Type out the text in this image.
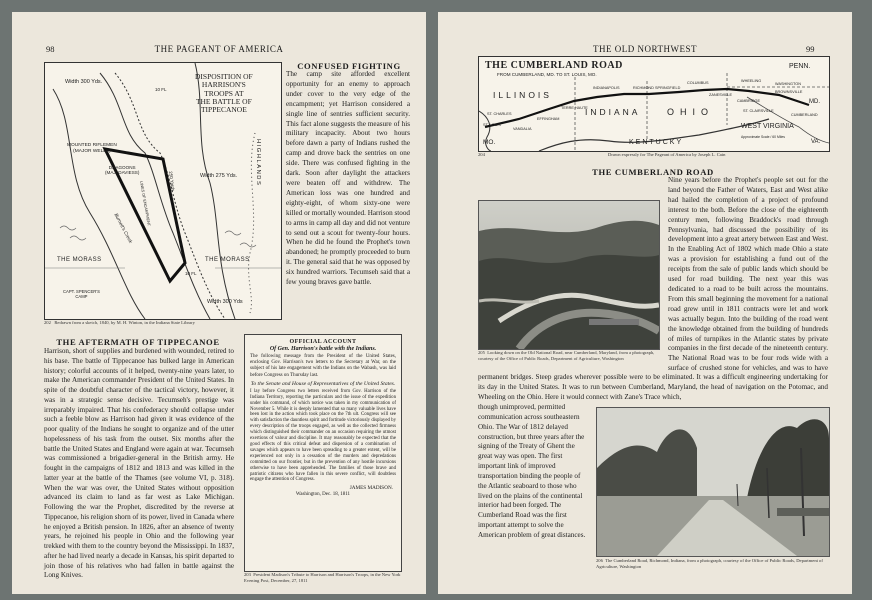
98	THE PAGEANT OF AMERICA
DISPOSITION OF
HARRISON'S
TROOPS AT
THE BATTLE OF
TIPPECANOE
Width 300 Yds.
10 FL
MOUNTED RIFLEMEN
(MAJOR WELLS)
DRAGOONS
(MAJ. DAVIESS)	250 Yards
LINES OF ENCAMPMENT
Width 275 Yds.	HIGHLANDS
Burnett's Creek
THE MORASS	THE MORASS
10 FL
CAPT. SPENCER'S
CAMP
Width 300 Yds

202 Redrawn from a sketch, 1840, by M. H. Winton, in the Indiana State Library

CONFUSED FIGHTING

The camp site afforded excellent opportunity for an enemy to approach under cover to the very edge of the encampment; yet Harrison considered a single line of sentries sufficient security. This fact alone suggests the measure of his military incapacity. About two hours before dawn a party of Indians rushed the camp and drove back the sentries on one side. There was confused fighting in the dark. Soon after daylight the attackers were beaten off and withdrew. The American loss was one hundred and eighty-eight, of whom sixty-one were killed or mortally wounded. Harrison stood to arms in camp all day and did not venture to send out a scout for twenty-four hours. When he did he found the Prophet's town abandoned; he promptly proceeded to burn it. The general said that he was opposed by six hundred warriors. Tecumseh said that a few young braves gave battle.

THE AFTERMATH OF TIPPECANOE

Harrison, short of supplies and burdened with wounded, retired to his base. The battle of Tippecanoe has bulked large in American history; colorful accounts of it helped, twenty-nine years later, to make the American commander President of the United States. In spite of the doubtful character of the tactical victory, however, it was in a strategic sense decisive. Tecumseh's prestige was irreparably impaired. That his confederacy should collapse under such a feeble blow as Harrison had given it was evidence of the poor quality of the Indians he sought to organize and of the utter hopelessness of his task from the outset. Six months after the battle the United States and England were again at war. Tecumseh was commissioned a brigadier-general in the British army. He fought in the campaigns of 1812 and 1813 and was killed in the latter year at the battle of the Thames (see volume VI, p. 318). When the war was over, the United States without opposition advanced its claim to land as far west as Lake Michigan. Following the war the Prophet, discredited by the reverse at Tippecanoe, his religion shorn of its power, lived in Canada where he enjoyed a British pension. In 1826, after an absence of twenty years, he rejoined his people in Ohio and the following year trekked with them to the country beyond the Mississippi. In 1837, after he had lived nearly a decade in Kansas, his spirit departed to join those of his relatives who had fallen in battle against the Long Knives.

OFFICIAL ACCOUNT

Of Gen. Harrison's battle with the Indians.

The following message from the President of the United States, enclosing Gov. Harrison's two letters to the Secretary at War, on the subject of his late engagement with the Indians on the Wabash, was laid before Congress on Thursday last.

To the Senate and House of Representatives of the United States.

I lay before Congress two letters received from Gov. Harrison of the Indiana Territory, reporting the particulars and the issue of the expedition under his command, of which notice was taken in my communication of November 5. While it is deeply lamented that so many valuable lives have been lost in the action which took place on the 7th ult. Congress will see with satisfaction the dauntless spirit and fortitude victoriously displayed by every description of the troops engaged, as well as the collected firmness which distinguished their commander on an occasion requiring the utmost exertions of valour and discipline. It may reasonably be expected that the good effects of this critical defeat and dispersion of a combination of savages which appears to have been spreading to a greater extent, will be experienced not only in a cessation of the murders and depredations committed on our frontier, but in the prevention of any hostile incursions otherwise to have been apprehended. The families of those brave and patriotic citizens who have fallen in this severe conflict, will doubtless engage the attention of Congress.

JAMES MADISON.

Washington, Dec. 18, 1811

203 President Madison's Tribute to Harrison and Harrison's Troops, in the New York Evening Post, December, 27, 1811

THE OLD NORTHWEST	99
THE CUMBERLAND ROAD
FROM CUMBERLAND, MD. TO ST. LOUIS, MO.
ILLINOIS
INDIANA	OHIO
PENN.
WEST VIRGINIA
KENTUCKY
MO.
MD.
VA.
ST. LOUIS
ST. CHARLES
VANDALIA
EFFINGHAM
TERRE HAUTE
INDIANAPOLIS	RICHMOND SPRINGFIELD
COLUMBUS
ZANESVILLE
CAMBRIDGE
WHEELING
WASHINGTON
BROWNSVILLE
ST. CLAIRSVILLE
CUMBERLAND
Approximate Scale / 60 Miles

204	Drawn expressly for The Pageant of America by Joseph L. Cain

THE CUMBERLAND ROAD

205 Looking down on the Old National Road, near Cumberland, Maryland, from a photograph, courtesy of the Office of Public Roads, Department of Agriculture, Washington

Nine years before the Prophet's people set out for the land beyond the Father of Waters, East and West alike had hailed the completion of a project of profound interest to the both. Before the close of the eighteenth century men, following Braddock's road through Pennsylvania, had discussed the possibility of its development into a great artery between East and West. In the Enabling Act of 1802 which made Ohio a state was a provision for establishing a fund out of the receipts from the sale of public lands which should be used for road building. The next year this was dedicated to a road to be built across the mountains. From this small beginning the movement for a national road grew until in 1811 contracts were let and work was actually begun. Into the building of the road went the knowledge obtained from the building of hundreds of miles of turnpikes in the Atlantic states by private companies in the first decade of the nineteenth century. The National Road was to be four rods wide with a surface of crushed stone for vehicles, and was to have

permanent bridges. Steep grades wherever possible were to be eliminated. It was a difficult engineering undertaking for its day in the United States. It was to run between Cumberland, Maryland, the head of navigation on the Potomac, and Wheeling on the Ohio. Here it would connect with Zane's Trace which,

though unimproved, permitted communication across southeastern Ohio. The War of 1812 delayed construction, but three years after the signing of the Treaty of Ghent the great way was open. The first important link of improved transportation binding the people of the Atlantic seaboard to those who lived on the plains of the continental interior had been forged. The Cumberland Road was the first important attempt to solve the American problem of great distances.

206 The Cumberland Road, Richmond, Indiana, from a photograph, courtesy of the Office of Public Roads, Department of Agriculture, Washington
